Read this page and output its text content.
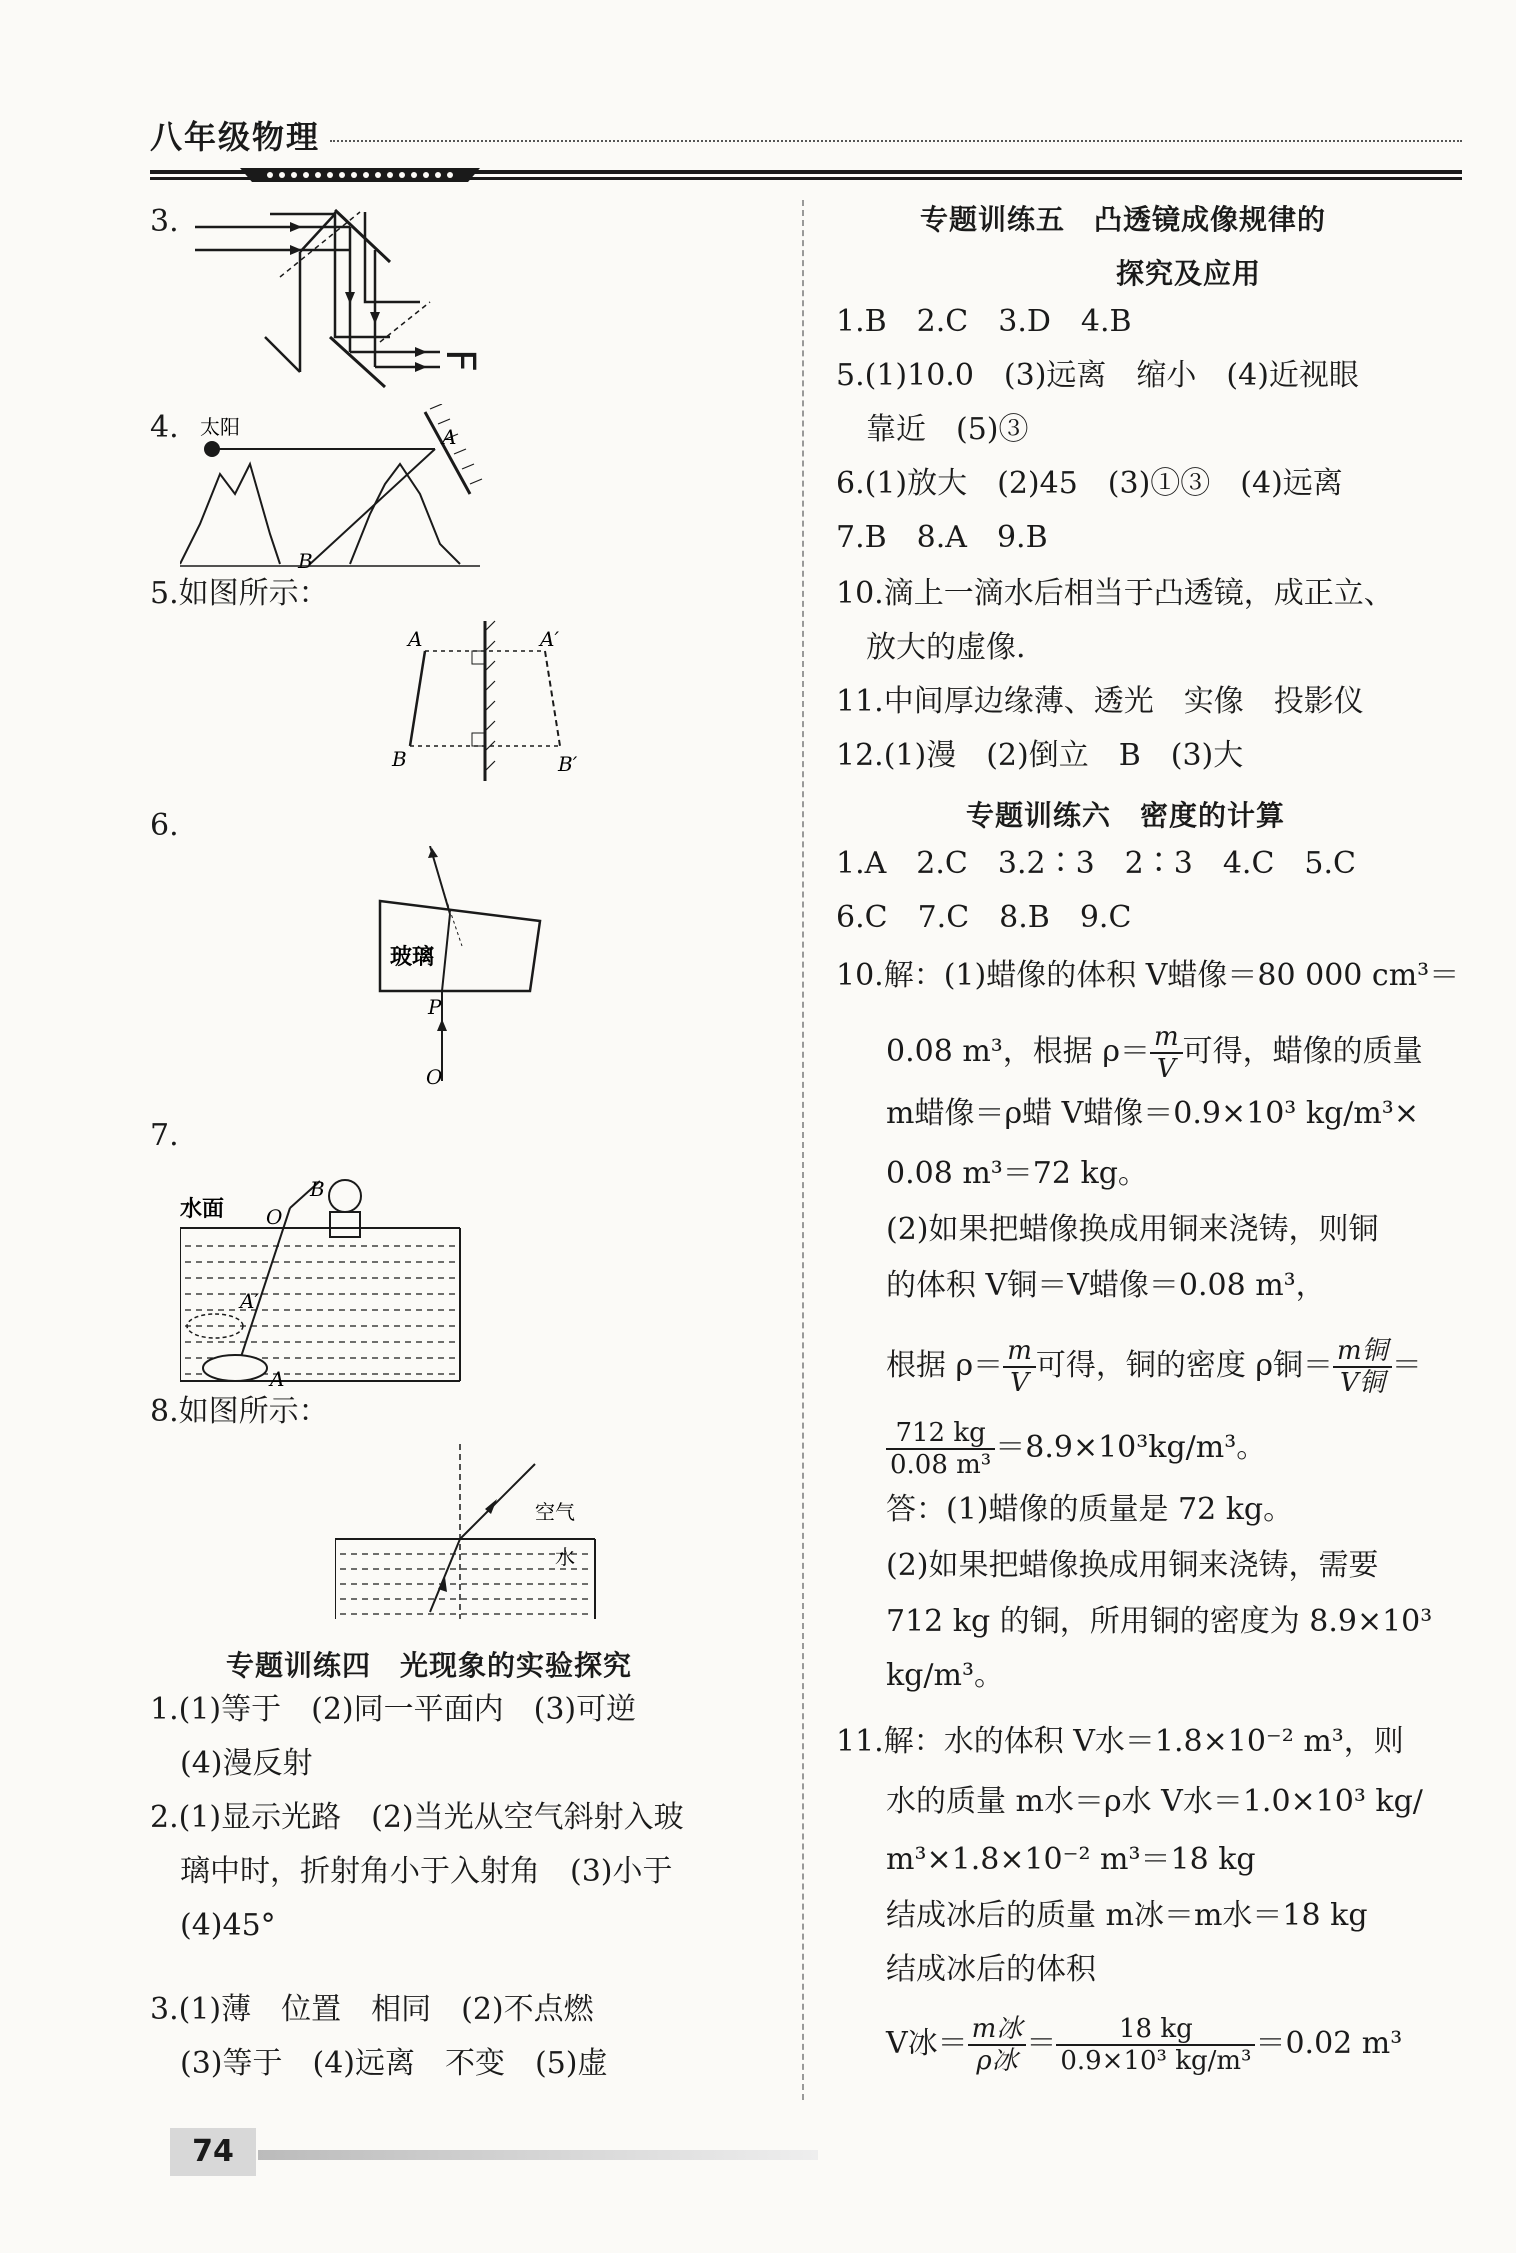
八年级物理
3.
F
4. 太阳	A
B
5.如图所示：
A	A′
B	B′
6.
玻璃
P
O
7.
水面
B
O
A′
A
8.如图所示：
空气
水
专题训练四　光现象的实验探究
1.(1)等于　(2)同一平面内　(3)可逆
　(4)漫反射
2.(1)显示光路　(2)当光从空气斜射入玻
　璃中时，折射角小于入射角　(3)小于
　(4)45°
3.(1)薄　位置　相同　(2)不点燃
　(3)等于　(4)远离　不变　(5)虚
专题训练五　凸透镜成像规律的
探究及应用
1.B　2.C　3.D　4.B
5.(1)10.0　(3)远离　缩小　(4)近视眼
　靠近　(5)③
6.(1)放大　(2)45　(3)①③　(4)远离
7.B　8.A　9.B
10.滴上一滴水后相当于凸透镜，成正立、
　放大的虚像.
11.中间厚边缘薄、透光　实像　投影仪
12.(1)漫　(2)倒立　B　(3)大
专题训练六　密度的计算
1.A　2.C　3.2∶3　2∶3　4.C　5.C
6.C　7.C　8.B　9.C
10.解：(1)蜡像的体积 V蜡像＝80 000 cm³＝
0.08 m³，根据 $\rho= \frac{m}{V}$ 可得，蜡像的质量
m蜡像＝ρ蜡 V蜡像＝0.9×10³ kg/m³×
0.08 m³＝72 kg。
(2)如果把蜡像换成用铜来浇铸，则铜
的体积 V铜＝V蜡像＝0.08 m³，
根据 $\rho= \frac{m}{V}$ 可得，铜的密度 ρ铜＝ $\frac{\text{m铜}}{\text{V铜}}$ ＝
$\frac{712 kg}{\text{0.08 m³}} =8.9\times 10^3kg/m^3$。
答：(1)蜡像的质量是 72 kg。
(2)如果把蜡像换成用铜来浇铸，需要
712 kg 的铜，所用铜的密度为 8.9×10³
kg/m³。
11.解：水的体积 V水＝1.8×10⁻² m³，则
水的质量 m水＝ρ水 V水＝1.0×10³ kg/
m³×1.8×10⁻² m³＝18 kg
结成冰后的质量 m冰＝m水＝18 kg
结成冰后的体积
V冰＝ $\frac{\text{m冰}}{\text{ρ冰}} = \frac{18 kg}{\text{0.9×10³ kg/m³}} =0.02$ m³
74
